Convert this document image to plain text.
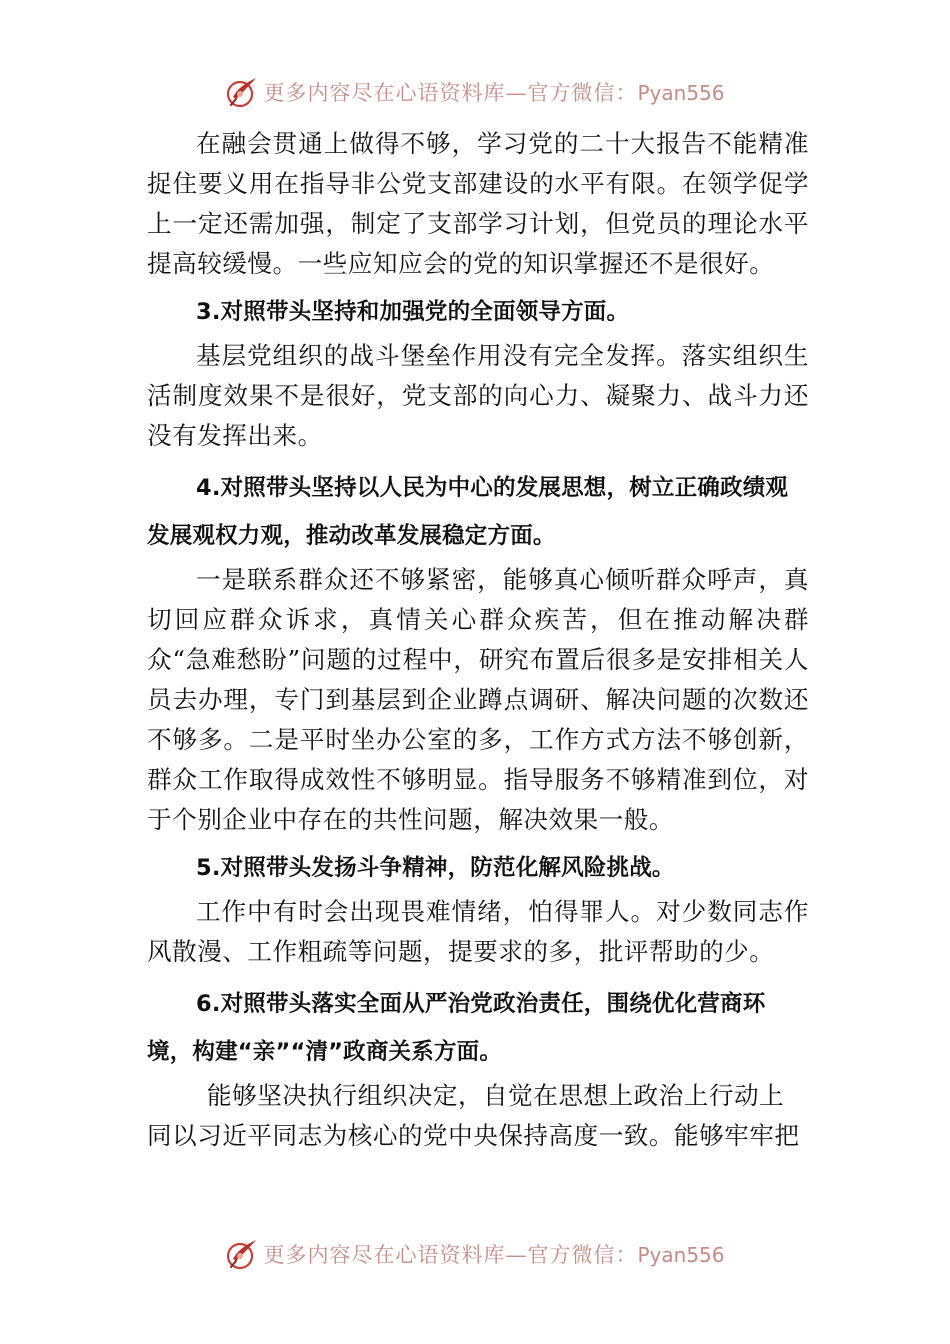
更多内容尽在心语资料库—官方微信：Pyan556

在融会贯通上做得不够，学习党的二十大报告不能精准捉住要义用在指导非公党支部建设的水平有限。在领学促学上一定还需加强，制定了支部学习计划，但党员的理论水平提高较缓慢。一些应知应会的党的知识掌握还不是很好。

3.对照带头坚持和加强党的全面领导方面。

基层党组织的战斗堡垒作用没有完全发挥。落实组织生活制度效果不是很好，党支部的向心力、凝聚力、战斗力还没有发挥出来。

4.对照带头坚持以人民为中心的发展思想，树立正确政绩观发展观权力观，推动改革发展稳定方面。

一是联系群众还不够紧密，能够真心倾听群众呼声，真切回应群众诉求，真情关心群众疾苦，但在推动解决群众“急难愁盼”问题的过程中，研究布置后很多是安排相关人员去办理，专门到基层到企业蹲点调研、解决问题的次数还不够多。二是平时坐办公室的多，工作方式方法不够创新，群众工作取得成效性不够明显。指导服务不够精准到位，对于个别企业中存在的共性问题，解决效果一般。

5.对照带头发扬斗争精神，防范化解风险挑战。

工作中有时会出现畏难情绪，怕得罪人。对少数同志作风散漫、工作粗疏等问题，提要求的多，批评帮助的少。

6.对照带头落实全面从严治党政治责任，围绕优化营商环境，构建“亲”“清”政商关系方面。

能够坚决执行组织决定，自觉在思想上政治上行动上同以习近平同志为核心的党中央保持高度一致。能够牢牢把

更多内容尽在心语资料库—官方微信：Pyan556
